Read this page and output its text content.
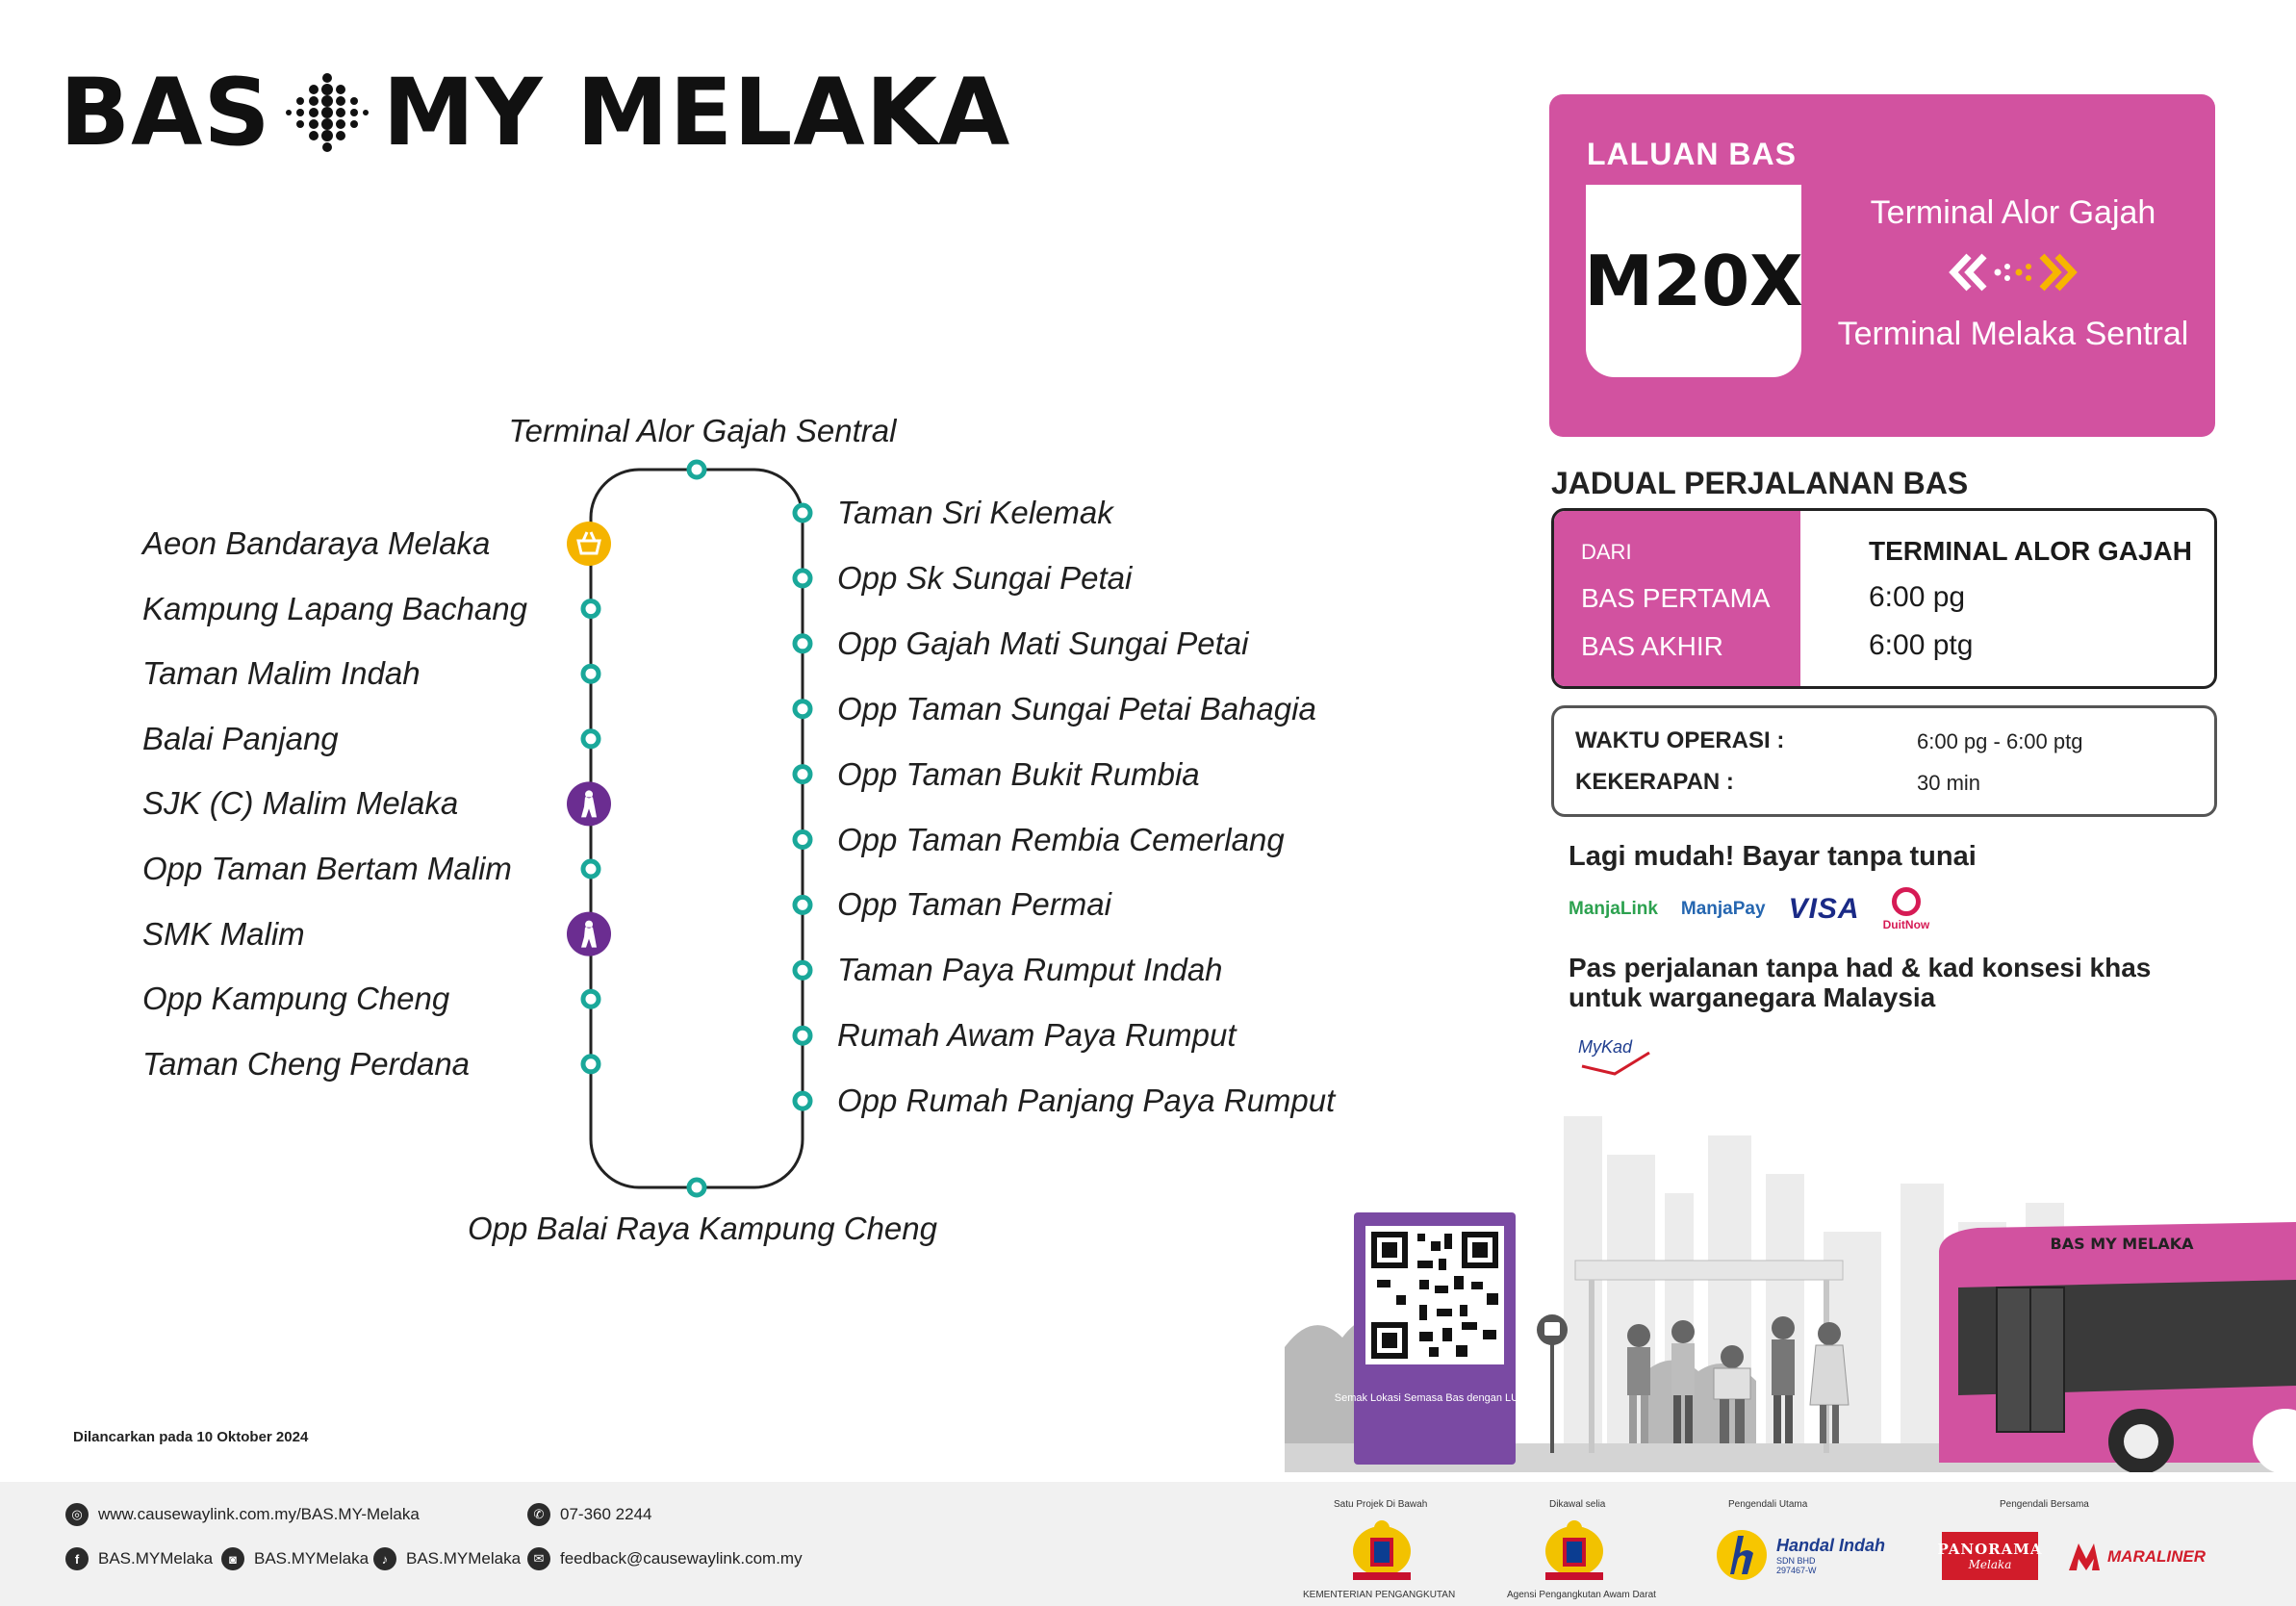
BAS MY MELAKA
Terminal Alor Gajah Sentral
Opp Balai Raya Kampung Cheng
Aeon Bandaraya Melaka
Kampung Lapang Bachang
Taman Malim Indah
Balai Panjang
SJK (C) Malim Melaka
Opp Taman Bertam Malim
SMK Malim
Opp Kampung Cheng
Taman Cheng Perdana
Taman Sri Kelemak
Opp Sk Sungai Petai
Opp Gajah Mati Sungai Petai
Opp Taman Sungai Petai Bahagia
Opp Taman Bukit Rumbia
Opp Taman Rembia Cemerlang
Opp Taman Permai
Taman Paya Rumput Indah
Rumah Awam Paya Rumput
Opp Rumah Panjang Paya Rumput
LALUAN BAS
M20X
Terminal Alor Gajah
Terminal Melaka Sentral
JADUAL PERJALANAN BAS
DARI	TERMINAL ALOR GAJAH
BAS PERTAMA	6:00 pg
BAS AKHIR	6:00 ptg
WAKTU OPERASI :	6:00 pg - 6:00 ptg
KEKERAPAN :	30 min
Lagi mudah! Bayar tanpa tunai
ManjaLink ManjaPay VISA DuitNow
Pas perjalanan tanpa had & kad konsesi khas untuk warganegara Malaysia
MyKad
Dilancarkan pada 10 Oktober 2024
Semak Lokasi Semasa Bas dengan LUGO
BAS MY MELAKA
◎ www.causewaylink.com.my/BAS.MY-Melaka	✆ 07-360 2244
f	BAS.MYMelaka	◙	BAS.MYMelaka	♪	BAS.MYMelaka	✉ feedback@causewaylink.com.my
Satu Projek Di Bawah
KEMENTERIAN PENGANGKUTAN
Dikawal selia
Agensi Pengangkutan Awam Darat
Pengendali Utama
Handal Indah
SDN BHD
297467-W
Pengendali Bersama
PANORAMA
Melaka	MARALINER
